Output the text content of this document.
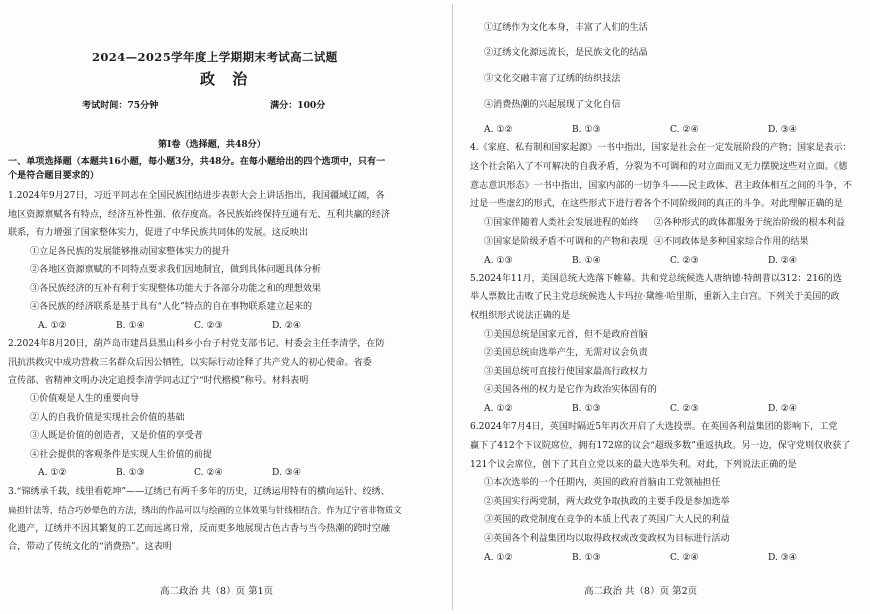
2024—2025学年度上学期期末考试高二试题
政 治
考试时间：75分钟	满分：100分
第Ⅰ卷（选择题，共48分）
一、单项选择题（本题共16小题，每小题3分，共48分。在每小题给出的四个选项中，只有一
个是符合题目要求的）
1.2024年9月27日，习近平同志在全国民族团结进步表彰大会上讲话指出，我国疆域辽阔，各
地区资源禀赋各有特点，经济互补性强、依存度高。各民族始终保持互通有无、互利共赢的经济
联系，有力增强了国家整体实力，促进了中华民族共同体的发展。这反映出
①立足各民族的发展能够推动国家整体实力的提升
②各地区资源禀赋的不同特点要求我们因地制宜，做到具体问题具体分析
③各民族经济的互补有利于实现整体功能大于各部分功能之和的理想效果
④各民族的经济联系是基于具有“人化”特点的自在事物联系建立起来的
A. ①②	B. ①④	C. ②③	D. ②④
2.2024年8月20日，葫芦岛市建昌县黑山科乡小台子村党支部书记、村委会主任李清学，在防
汛抗洪救灾中成功营救三名群众后因公牺牲，以实际行动诠释了共产党人的初心使命。省委
宣传部、省精神文明办决定追授李清学同志辽宁“时代楷模”称号。材料表明
①价值观是人生的重要向导
②人的自我价值是实现社会价值的基础
③人既是价值的创造者，又是价值的享受者
④社会提供的客观条件是实现人生价值的前提
A. ①②	B. ①③	C. ②④	D. ③④
3.“锦绣承千载，线里看乾坤”——辽绣已有两千多年的历史，辽绣运用特有的横向运针、绞绣、
扁担针法等，结合巧妙晕色的方法，绣出的作品可以与绘画的立体效果与针线相结合。作为辽宁省非物质文
化遗产，辽绣并不因其繁复的工艺而远离日常，反而更多地展现古色古香与当今热潮的跨时空融
合，带动了传统文化的“消费热”。这表明
高二政治 共（8）页 第1页
①辽绣作为文化本身，丰富了人们的生活
②辽绣文化源远流长，是民族文化的结晶
③文化交融丰富了辽绣的纺织技法
④消费热潮的兴起展现了文化自信
A. ①②	B. ①③	C. ②④	D. ③④
4.《家庭、私有制和国家起源》一书中指出，国家是社会在一定发展阶段的产物；国家是表示：
这个社会陷入了不可解决的自我矛盾，分裂为不可调和的对立面而又无力摆脱这些对立面。《德
意志意识形态》一书中指出，国家内部的一切争斗——民主政体、君主政体相互之间的斗争，不
过是一些虚幻的形式，在这些形式下进行着各个不同阶级间的真正的斗争。对此理解正确的是
①国家伴随着人类社会发展进程的始终 ②各种形式的政体都服务于统治阶级的根本利益
③国家是阶级矛盾不可调和的产物和表现 ④不同政体是多种国家综合作用的结果
A. ①③	B. ①④	C. ②③	D. ②④
5.2024年11月，美国总统大选落下帷幕。共和党总统候选人唐纳德·特朗普以312：216的选
举人票数比击败了民主党总统候选人卡玛拉·黛维·哈里斯，重新入主白宫。下列关于美国的政
权组织形式说法正确的是
①美国总统是国家元首，但不是政府首脑
②美国总统由选举产生，无需对议会负责
③美国总统可直接行使国家最高行政权力
④美国各州的权力是它作为政治实体固有的
A. ①②	B. ①③	C. ②③	D. ②④
6.2024年7月4日，英国时隔近5年再次开启了大选投票。在英国各利益集团的影响下，工党
赢下了412个下议院席位，拥有172席的议会“超级多数”重返执政。另一边，保守党则仅收获了
121个议会席位，创下了其自立党以来的最大选举失利。对此，下列说法正确的是
①本次选举的一个任期内，英国的政府首脑由工党领袖担任
②英国实行两党制，两大政党争取执政的主要手段是参加选举
③英国的政党制度在竞争的本质上代表了英国广大人民的利益
④英国各个利益集团均以取得政权或改变政权为目标进行活动
A. ①②	B. ①③	C. ②④	D. ③④
高二政治 共（8）页 第2页
